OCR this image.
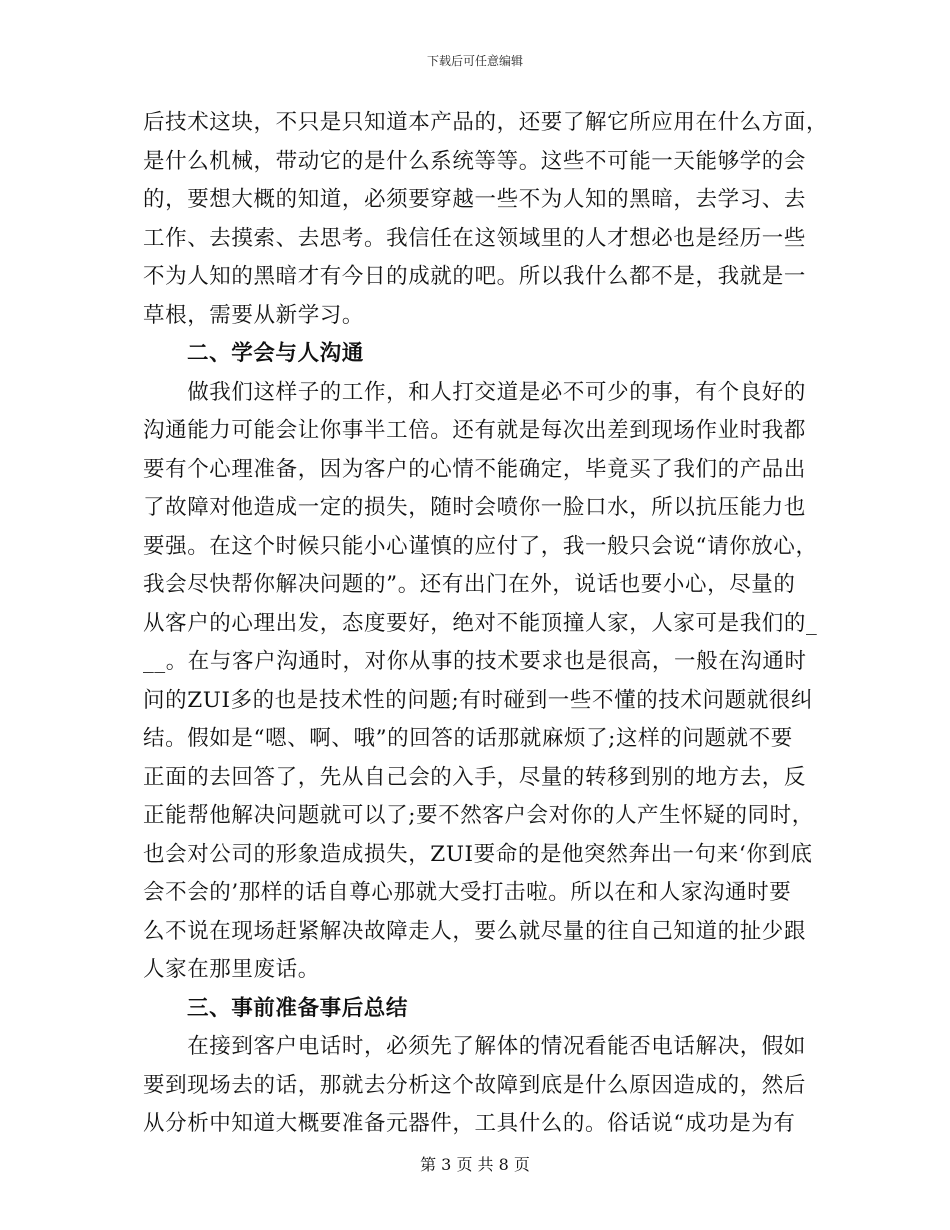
下载后可任意编辑

后技术这块，不只是只知道本产品的，还要了解它所应用在什么方面，
是什么机械，带动它的是什么系统等等。这些不可能一天能够学的会
的，要想大概的知道，必须要穿越一些不为人知的黑暗，去学习、去
工作、去摸索、去思考。我信任在这领域里的人才想必也是经历一些
不为人知的黑暗才有今日的成就的吧。所以我什么都不是，我就是一
草根，需要从新学习。

二、学会与人沟通

　　做我们这样子的工作，和人打交道是必不可少的事，有个良好的
沟通能力可能会让你事半工倍。还有就是每次出差到现场作业时我都
要有个心理准备，因为客户的心情不能确定，毕竟买了我们的产品出
了故障对他造成一定的损失，随时会喷你一脸口水，所以抗压能力也
要强。在这个时候只能小心谨慎的应付了，我一般只会说“请你放心，
我会尽快帮你解决问题的”。还有出门在外，说话也要小心，尽量的
从客户的心理出发，态度要好，绝对不能顶撞人家，人家可是我们的_
__。在与客户沟通时，对你从事的技术要求也是很高，一般在沟通时
问的ZUI多的也是技术性的问题;有时碰到一些不懂的技术问题就很纠
结。假如是“嗯、啊、哦”的回答的话那就麻烦了;这样的问题就不要
正面的去回答了，先从自己会的入手，尽量的转移到别的地方去，反
正能帮他解决问题就可以了;要不然客户会对你的人产生怀疑的同时，
也会对公司的形象造成损失，ZUI要命的是他突然奔出一句来‘你到底
会不会的’那样的话自尊心那就大受打击啦。所以在和人家沟通时要
么不说在现场赶紧解决故障走人，要么就尽量的往自己知道的扯少跟
人家在那里废话。

三、事前准备事后总结

　　在接到客户电话时，必须先了解体的情况看能否电话解决，假如
要到现场去的话，那就去分析这个故障到底是什么原因造成的，然后
从分析中知道大概要准备元器件，工具什么的。俗话说“成功是为有

第 3 页 共 8 页
